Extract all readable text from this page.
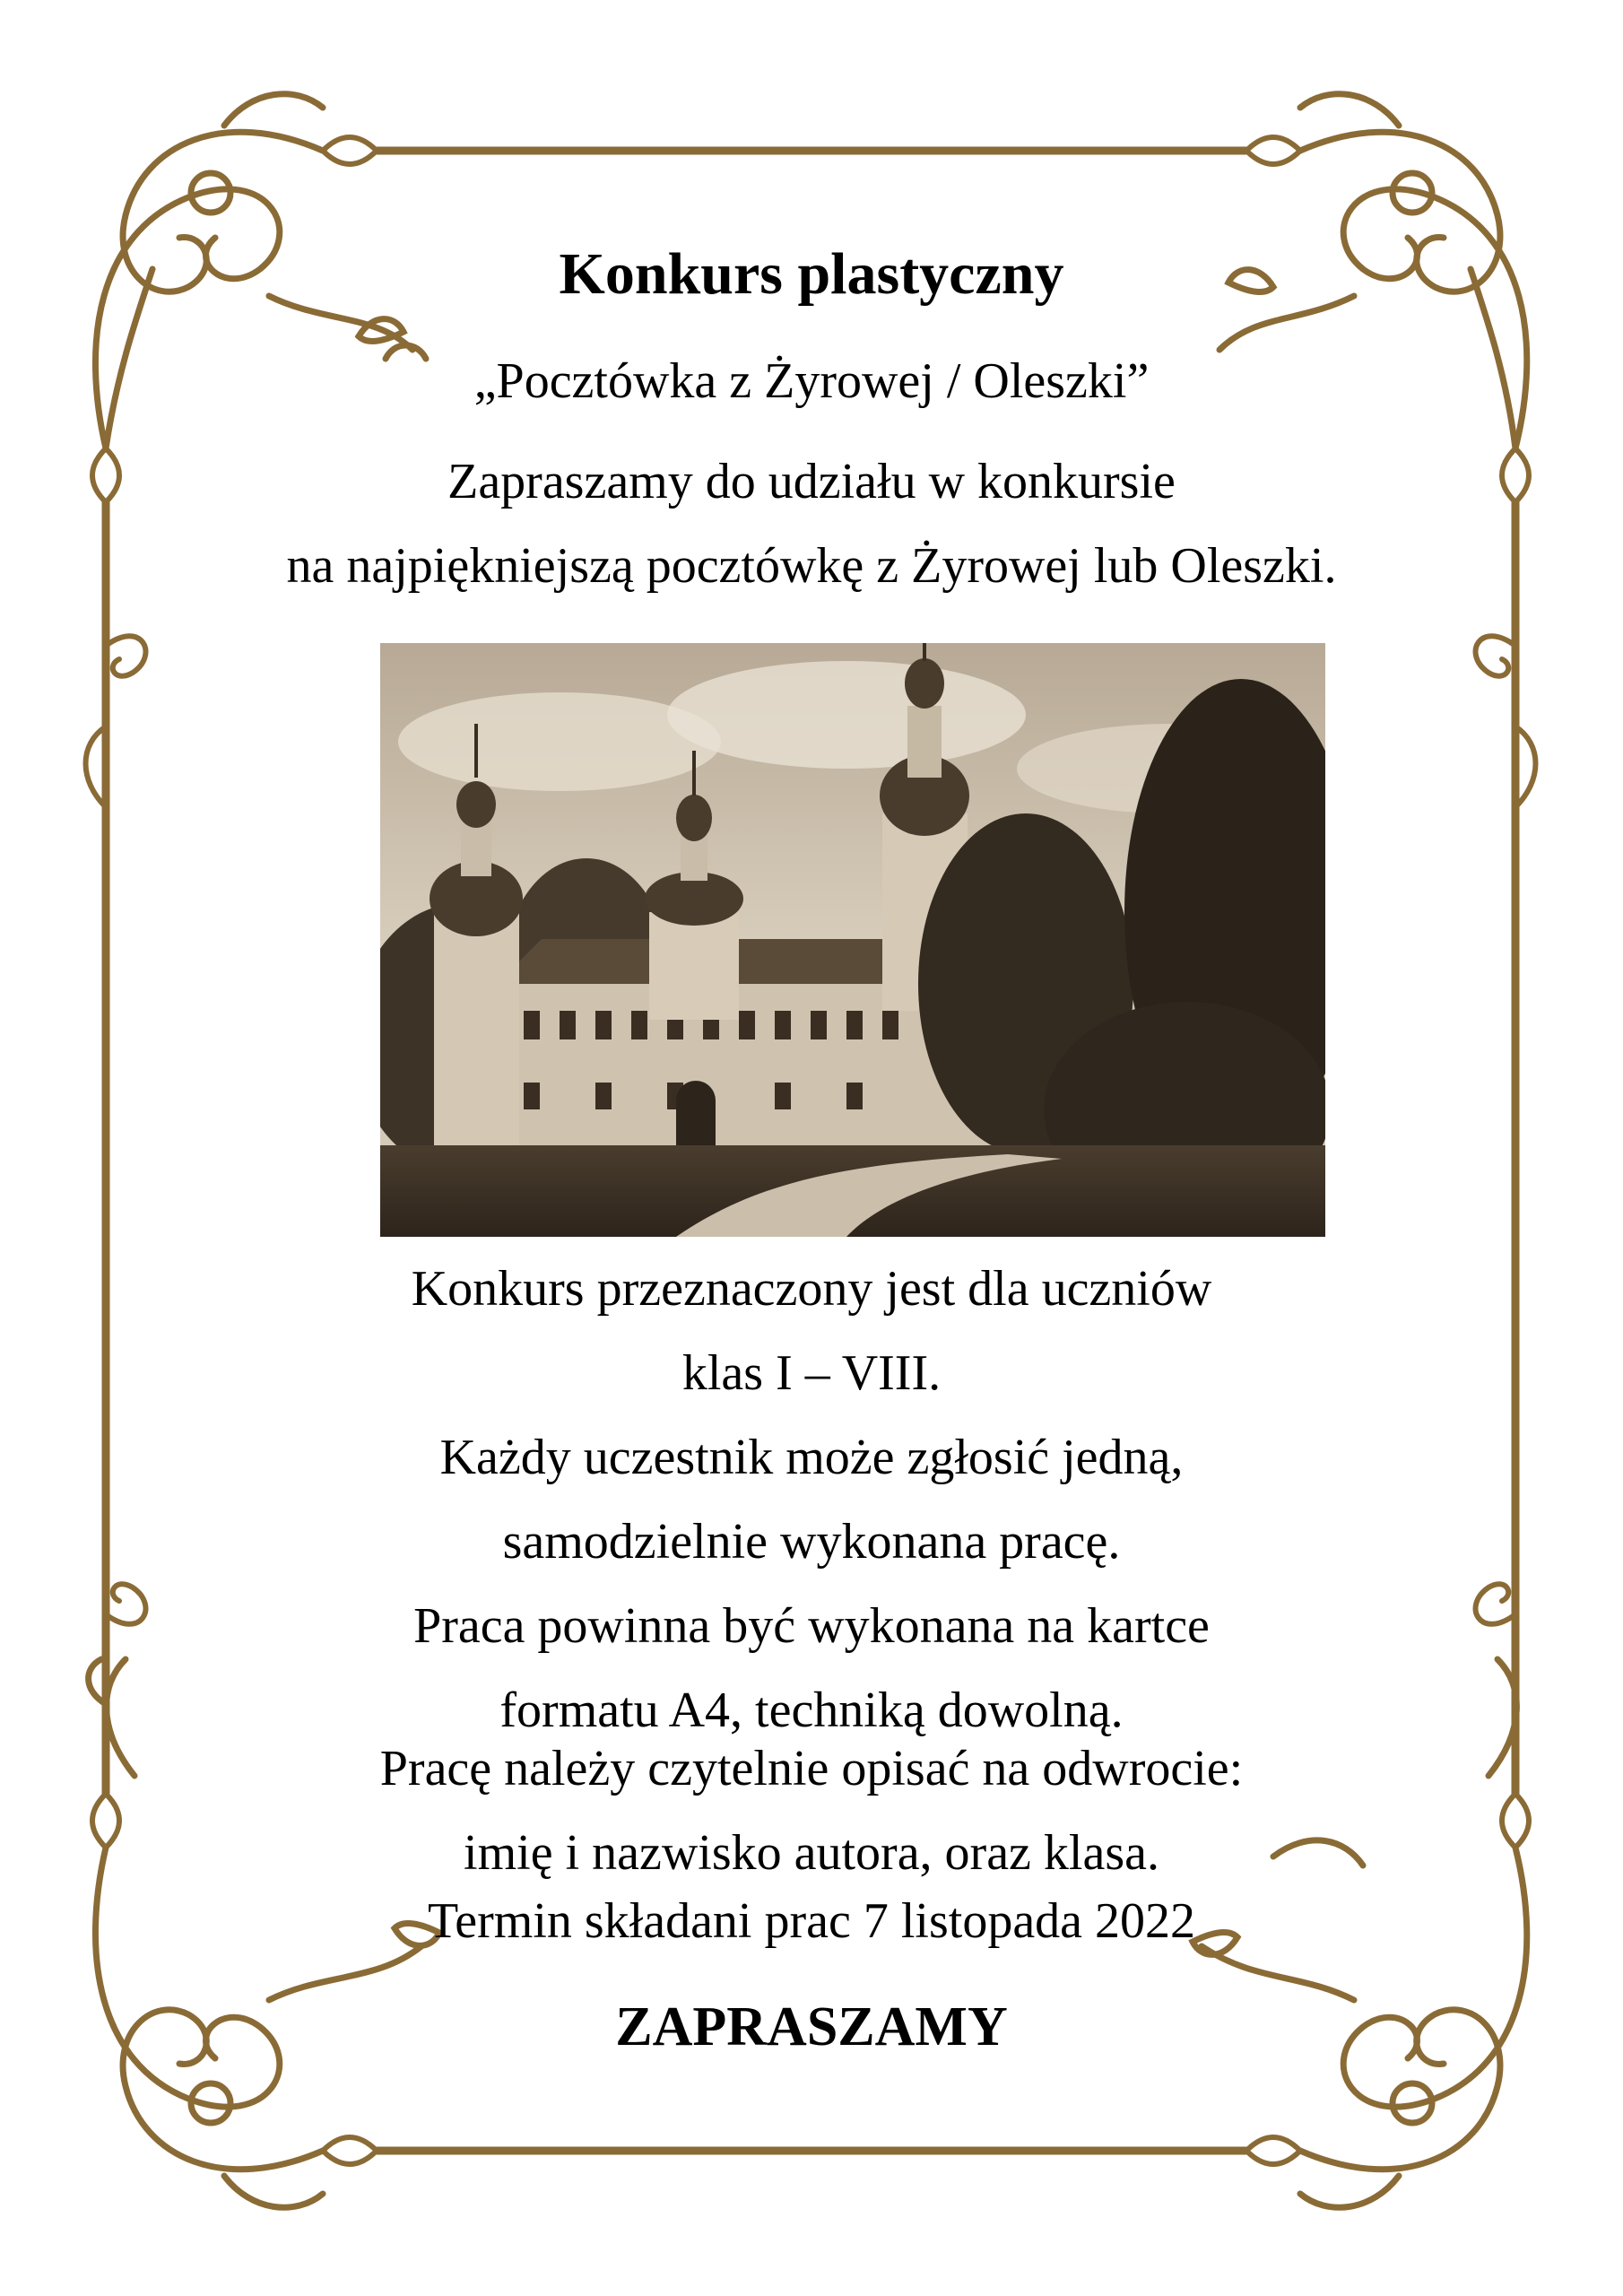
Konkurs plastyczny
„Pocztówka z Żyrowej / Oleszki”
Zapraszamy do udziału w konkursie
na najpiękniejszą pocztówkę z Żyrowej lub Oleszki.
Konkurs przeznaczony jest dla uczniów
klas I – VIII.
Każdy uczestnik może zgłosić jedną,
samodzielnie wykonana pracę.
Praca powinna być wykonana na kartce
formatu A4, techniką dowolną.
Pracę należy czytelnie opisać na odwrocie:
imię i nazwisko autora, oraz klasa.
Termin składani prac 7 listopada 2022
ZAPRASZAMY
